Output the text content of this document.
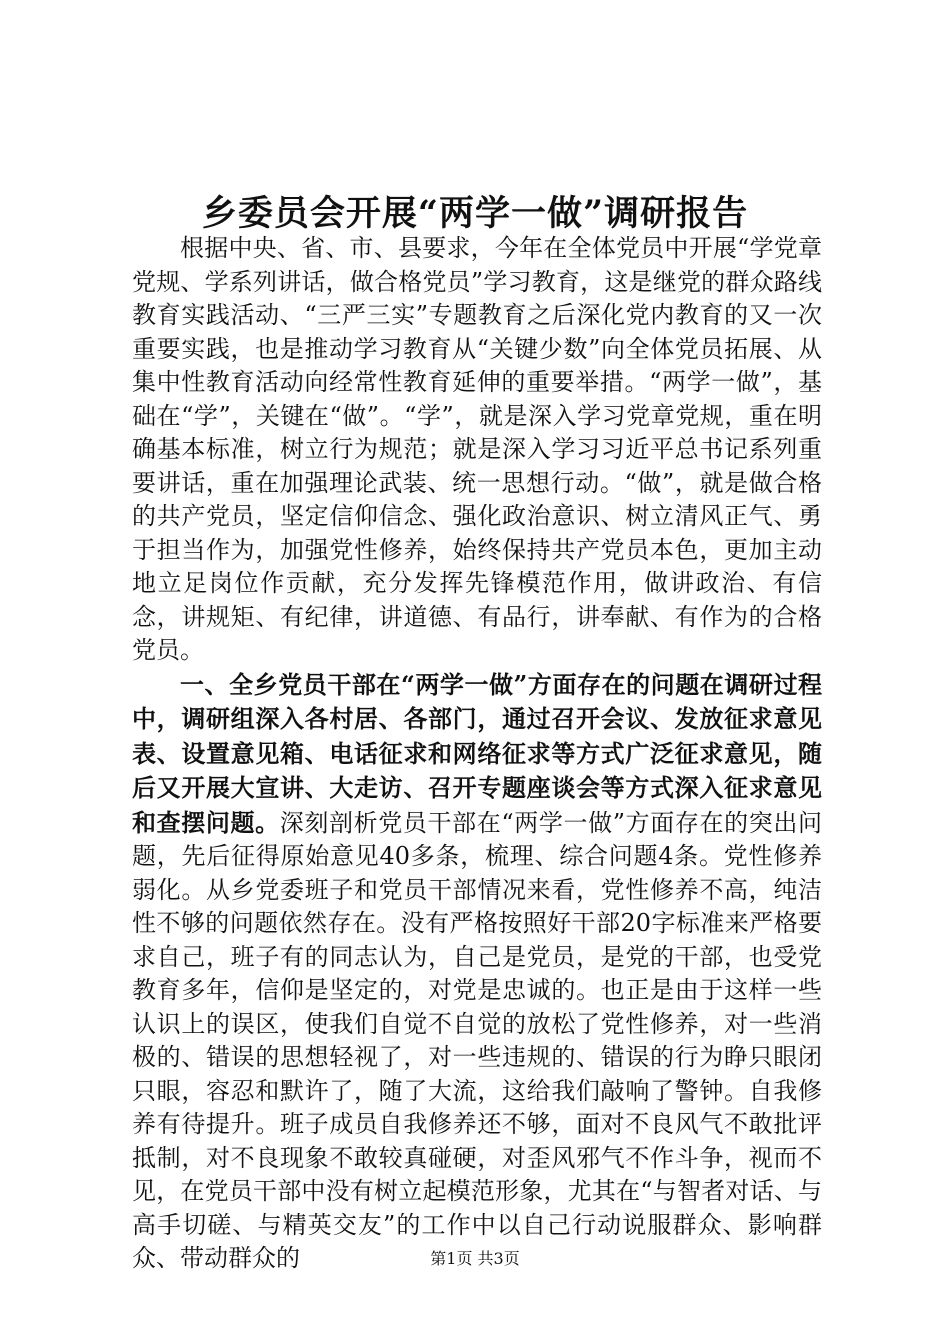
乡委员会开展“两学一做”调研报告

根据中央、省、市、县要求，今年在全体党员中开展“学党章党规、学系列讲话，做合格党员”学习教育，这是继党的群众路线教育实践活动、“三严三实”专题教育之后深化党内教育的又一次重要实践，也是推动学习教育从“关键少数”向全体党员拓展、从集中性教育活动向经常性教育延伸的重要举措。“两学一做”，基础在“学”，关键在“做”。“学”，就是深入学习党章党规，重在明确基本标准，树立行为规范；就是深入学习习近平总书记系列重要讲话，重在加强理论武装、统一思想行动。“做”，就是做合格的共产党员，坚定信仰信念、强化政治意识、树立清风正气、勇于担当作为，加强党性修养，始终保持共产党员本色，更加主动地立足岗位作贡献，充分发挥先锋模范作用，做讲政治、有信念，讲规矩、有纪律，讲道德、有品行，讲奉献、有作为的合格党员。

一、全乡党员干部在“两学一做”方面存在的问题在调研过程中，调研组深入各村居、各部门，通过召开会议、发放征求意见表、设置意见箱、电话征求和网络征求等方式广泛征求意见，随后又开展大宣讲、大走访、召开专题座谈会等方式深入征求意见和查摆问题。深刻剖析党员干部在“两学一做”方面存在的突出问题，先后征得原始意见40多条，梳理、综合问题4条。党性修养弱化。从乡党委班子和党员干部情况来看，党性修养不高，纯洁性不够的问题依然存在。没有严格按照好干部20字标准来严格要求自己，班子有的同志认为，自己是党员，是党的干部，也受党教育多年，信仰是坚定的，对党是忠诚的。也正是由于这样一些认识上的误区，使我们自觉不自觉的放松了党性修养，对一些消极的、错误的思想轻视了，对一些违规的、错误的行为睁只眼闭只眼，容忍和默许了，随了大流，这给我们敲响了警钟。自我修养有待提升。班子成员自我修养还不够，面对不良风气不敢批评抵制，对不良现象不敢较真碰硬，对歪风邪气不作斗争，视而不见，在党员干部中没有树立起模范形象，尤其在“与智者对话、与高手切磋、与精英交友”的工作中以自己行动说服群众、影响群众、带动群众的	第1页 共3页
